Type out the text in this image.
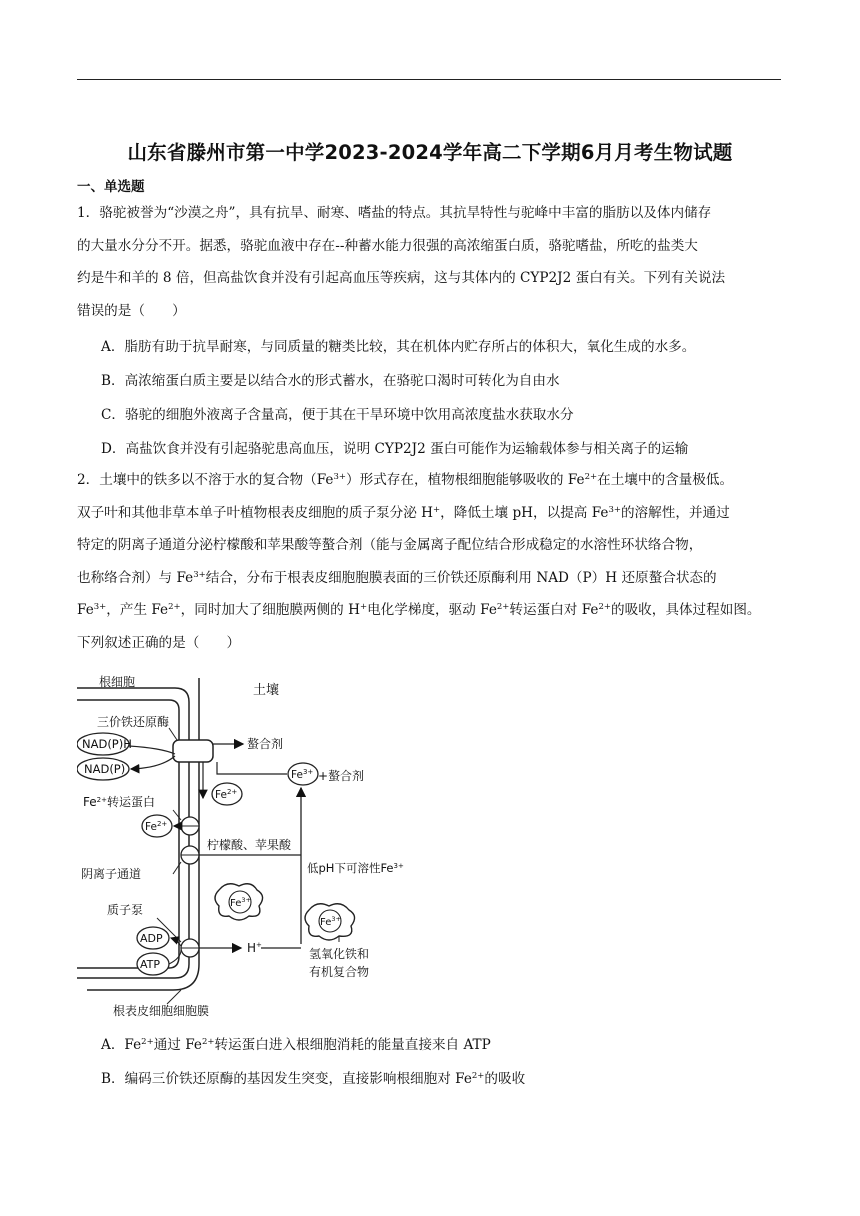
山东省滕州市第一中学2023-2024学年高二下学期6月月考生物试题
一、单选题

1．骆驼被誉为“沙漠之舟”，具有抗旱、耐寒、嗜盐的特点。其抗旱特性与驼峰中丰富的脂肪以及体内储存

的大量水分分不开。据悉，骆驼血液中存在-‐种蓄水能力很强的高浓缩蛋白质，骆驼嗜盐，所吃的盐类大

约是牛和羊的 8 倍，但高盐饮食并没有引起高血压等疾病，这与其体内的 CYP2J2 蛋白有关。下列有关说法

错误的是（　　）

A．脂肪有助于抗旱耐寒，与同质量的糖类比较，其在机体内贮存所占的体积大，氧化生成的水多。
B．高浓缩蛋白质主要是以结合水的形式蓄水，在骆驼口渴时可转化为自由水
C．骆驼的细胞外液离子含量高，便于其在干旱环境中饮用高浓度盐水获取水分
D．高盐饮食并没有引起骆驼患高血压，说明 CYP2J2 蛋白可能作为运输载体参与相关离子的运输

2．土壤中的铁多以不溶于水的复合物$(Fe^{3+})$形式存在，植物根细胞能够吸收的 $Fe^{2+}$在土壤中的含量极低。

双子叶和其他非草本单子叶植物根表皮细胞的质子泵分泌 H+，降低土壤 pH，以提高 $Fe^{3+}$的溶解性，并通过

特定的阴离子通道分泌柠檬酸和苹果酸等螯合剂（能与金属离子配位结合形成稳定的水溶性环状络合物，

也称络合剂）与 $Fe^{3+}$结合，分布于根表皮细胞胞膜表面的三价铁还原酶利用 NAD（P）H 还原螯合状态的

$Fe^{3+}$，产生 $Fe^{2+}$，同时加大了细胞膜两侧的 H+电化学梯度，驱动 $Fe^{2+}$转运蛋白对 $Fe^{2+}$的吸收，具体过程如图。

下列叙述正确的是（　　）

根细胞
土壤
三价铁还原酶
NAD(P)H
NAD(P)
螯合剂
$Fe^{3+}$ +螯合剂
$Fe^{2+}$
$Fe^{2+}$转运蛋白
$Fe^{2+}$
柠檬酸、苹果酸
阴离子通道	低pH下可溶性$Fe^{3+}$
$Fe^{3+}$
$Fe^{3+}$
氢氧化铁和
有机复合物
质子泵
ADP
ATP
H+
根表皮细胞细胞膜
A．$Fe^{2+}$通过 $Fe^{2+}$转运蛋白进入根细胞消耗的能量直接来自 ATP
B．编码三价铁还原酶的基因发生突变，直接影响根细胞对 $Fe^{2+}$的吸收
